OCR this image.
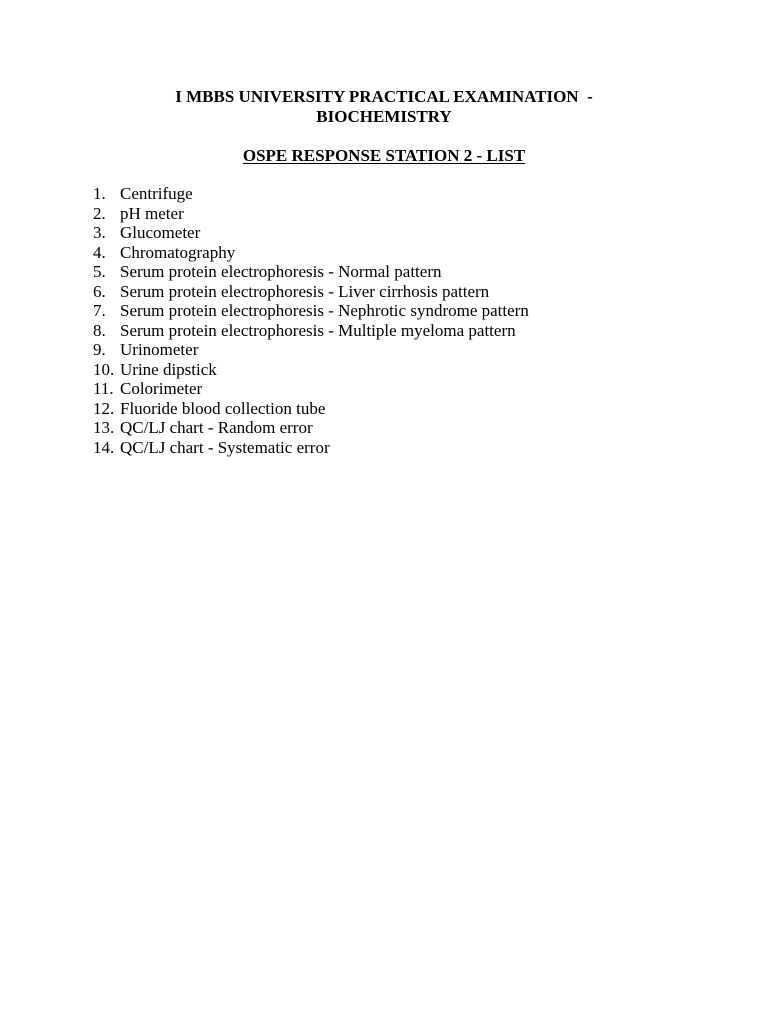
I MBBS UNIVERSITY PRACTICAL EXAMINATION  -
BIOCHEMISTRY
OSPE RESPONSE STATION 2 - LIST
1. Centrifuge
2. pH meter
3. Glucometer
4. Chromatography
5. Serum protein electrophoresis - Normal pattern
6. Serum protein electrophoresis - Liver cirrhosis pattern
7. Serum protein electrophoresis - Nephrotic syndrome pattern
8. Serum protein electrophoresis - Multiple myeloma pattern
9. Urinometer
10. Urine dipstick
11. Colorimeter
12. Fluoride blood collection tube
13. QC/LJ chart - Random error
14. QC/LJ chart - Systematic error
